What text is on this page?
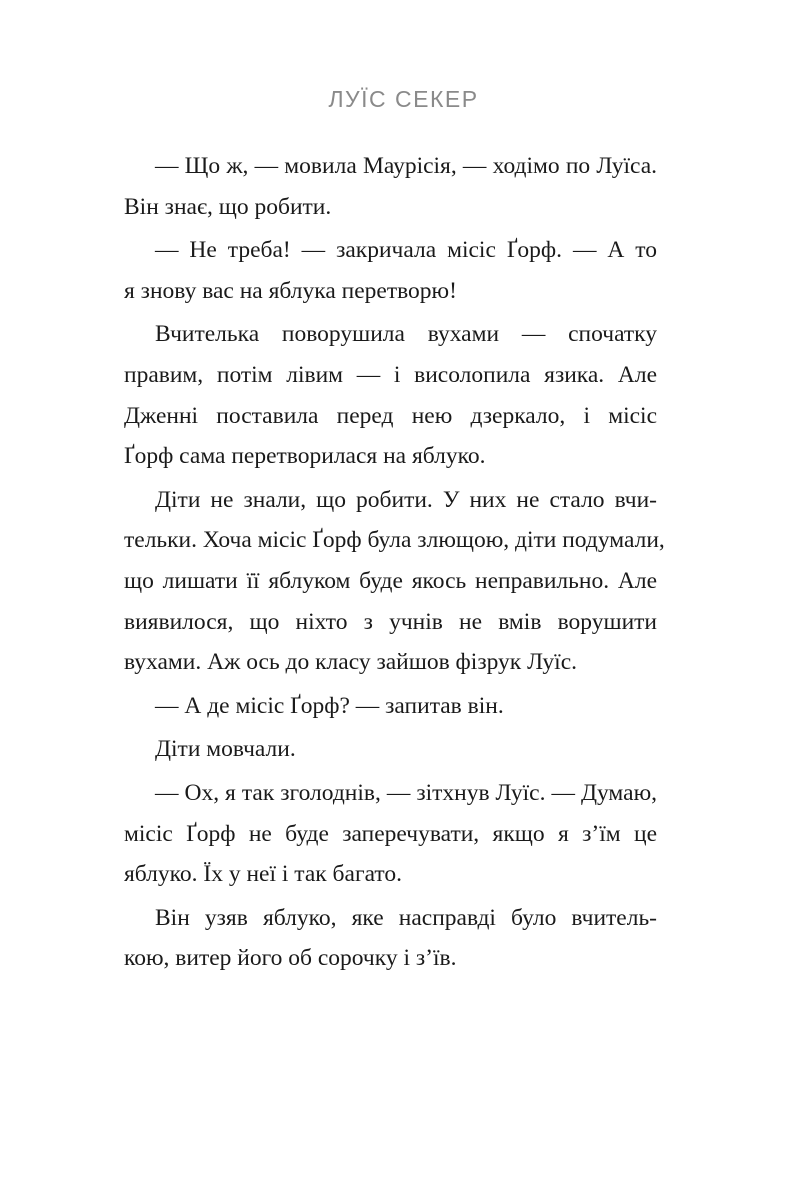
ЛУЇС СЕКЕР
— Що ж, — мовила Маурісія, — ходімо по Луїса.
Він знає, що робити.
— Не треба! — закричала місіс Ґорф. — А то
я знову вас на яблука перетворю!
Вчителька поворушила вухами — спочатку
правим, потім лівим — і висолопила язика. Але
Дженні поставила перед нею дзеркало, і місіс
Ґорф сама перетворилася на яблуко.
Діти не знали, що робити. У них не стало вчи-
тельки. Хоча місіс Ґорф була злющою, діти подумали,
що лишати її яблуком буде якось неправильно. Але
виявилося, що ніхто з учнів не вмів ворушити
вухами. Аж ось до класу зайшов фізрук Луїс.
— А де місіс Ґорф? — запитав він.
Діти мовчали.
— Ох, я так зголоднів, — зітхнув Луїс. — Думаю,
місіс Ґорф не буде заперечувати, якщо я з’їм це
яблуко. Їх у неї і так багато.
Він узяв яблуко, яке насправді було вчитель-
кою, витер його об сорочку і з’їв.
